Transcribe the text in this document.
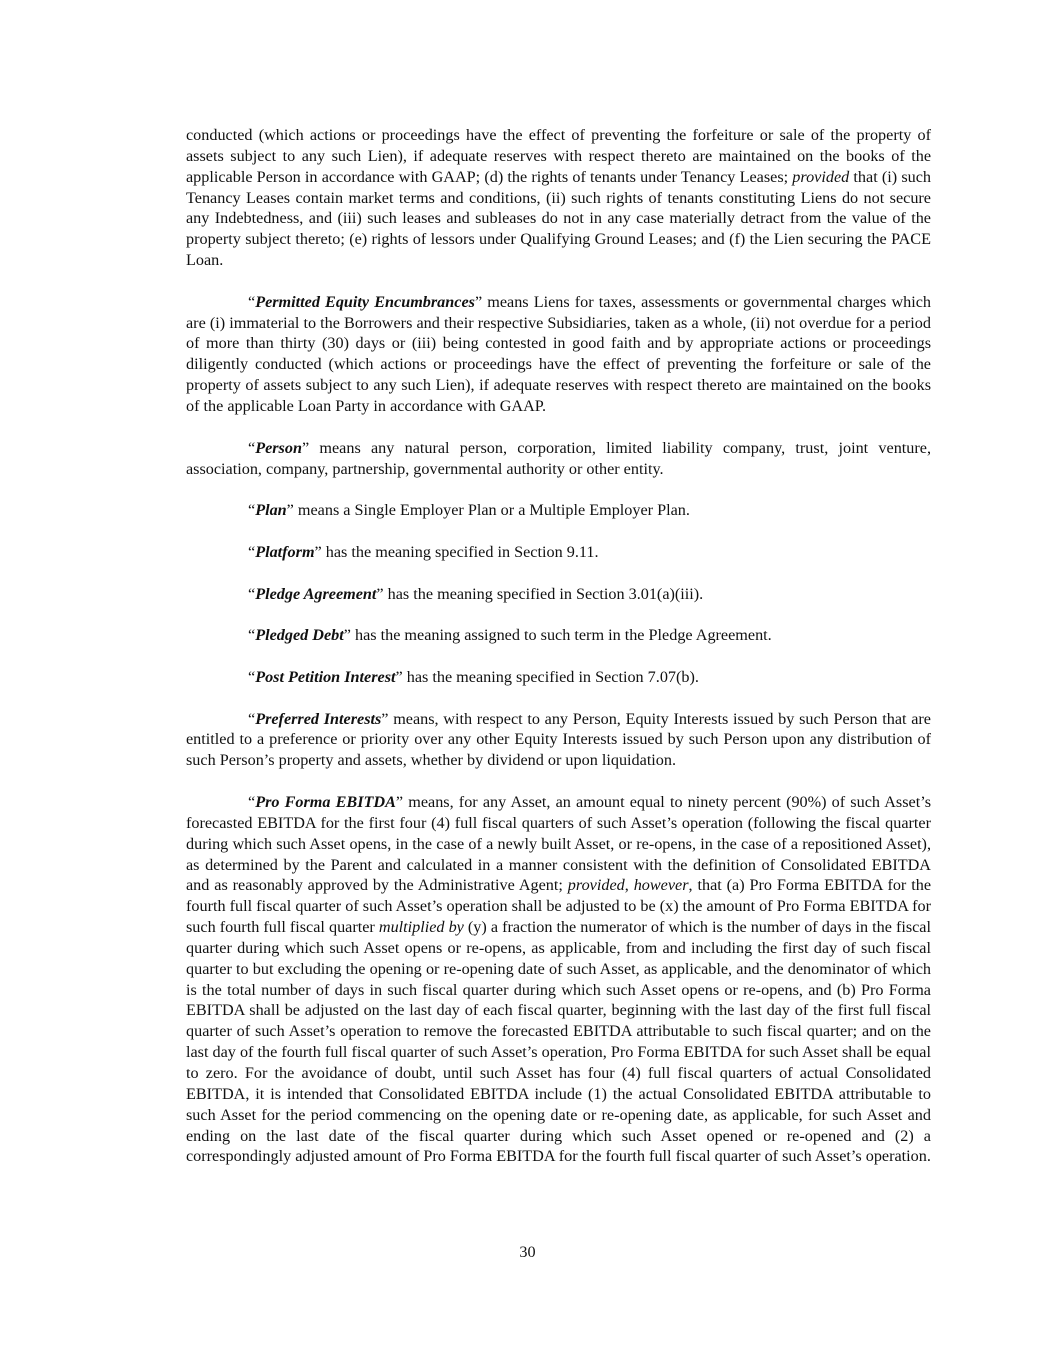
conducted (which actions or proceedings have the effect of preventing the forfeiture or sale of the property of assets subject to any such Lien), if adequate reserves with respect thereto are maintained on the books of the applicable Person in accordance with GAAP; (d) the rights of tenants under Tenancy Leases; provided that (i) such Tenancy Leases contain market terms and conditions, (ii) such rights of tenants constituting Liens do not secure any Indebtedness, and (iii) such leases and subleases do not in any case materially detract from the value of the property subject thereto; (e) rights of lessors under Qualifying Ground Leases; and (f) the Lien securing the PACE Loan.

“Permitted Equity Encumbrances” means Liens for taxes, assessments or governmental charges which are (i) immaterial to the Borrowers and their respective Subsidiaries, taken as a whole, (ii) not overdue for a period of more than thirty (30) days or (iii) being contested in good faith and by appropriate actions or proceedings diligently conducted (which actions or proceedings have the effect of preventing the forfeiture or sale of the property of assets subject to any such Lien), if adequate reserves with respect thereto are maintained on the books of the applicable Loan Party in accordance with GAAP.

“Person” means any natural person, corporation, limited liability company, trust, joint venture, association, company, partnership, governmental authority or other entity.

“Plan” means a Single Employer Plan or a Multiple Employer Plan.

“Platform” has the meaning specified in Section 9.11.

“Pledge Agreement” has the meaning specified in Section 3.01(a)(iii).

“Pledged Debt” has the meaning assigned to such term in the Pledge Agreement.

“Post Petition Interest” has the meaning specified in Section 7.07(b).

“Preferred Interests” means, with respect to any Person, Equity Interests issued by such Person that are entitled to a preference or priority over any other Equity Interests issued by such Person upon any distribution of such Person’s property and assets, whether by dividend or upon liquidation.

“Pro Forma EBITDA” means, for any Asset, an amount equal to ninety percent (90%) of such Asset’s forecasted EBITDA for the first four (4) full fiscal quarters of such Asset’s operation (following the fiscal quarter during which such Asset opens, in the case of a newly built Asset, or re-opens, in the case of a repositioned Asset), as determined by the Parent and calculated in a manner consistent with the definition of Consolidated EBITDA and as reasonably approved by the Administrative Agent; provided, however, that (a) Pro Forma EBITDA for the fourth full fiscal quarter of such Asset’s operation shall be adjusted to be (x) the amount of Pro Forma EBITDA for such fourth full fiscal quarter multiplied by (y) a fraction the numerator of which is the number of days in the fiscal quarter during which such Asset opens or re-opens, as applicable, from and including the first day of such fiscal quarter to but excluding the opening or re-opening date of such Asset, as applicable, and the denominator of which is the total number of days in such fiscal quarter during which such Asset opens or re-opens, and (b) Pro Forma EBITDA shall be adjusted on the last day of each fiscal quarter, beginning with the last day of the first full fiscal quarter of such Asset’s operation to remove the forecasted EBITDA attributable to such fiscal quarter; and on the last day of the fourth full fiscal quarter of such Asset’s operation, Pro Forma EBITDA for such Asset shall be equal to zero. For the avoidance of doubt, until such Asset has four (4) full fiscal quarters of actual Consolidated EBITDA, it is intended that Consolidated EBITDA include (1) the actual Consolidated EBITDA attributable to such Asset for the period commencing on the opening date or re-opening date, as applicable, for such Asset and ending on the last date of the fiscal quarter during which such Asset opened or re-opened and (2) a correspondingly adjusted amount of Pro Forma EBITDA for the fourth full fiscal quarter of such Asset’s operation.

30
